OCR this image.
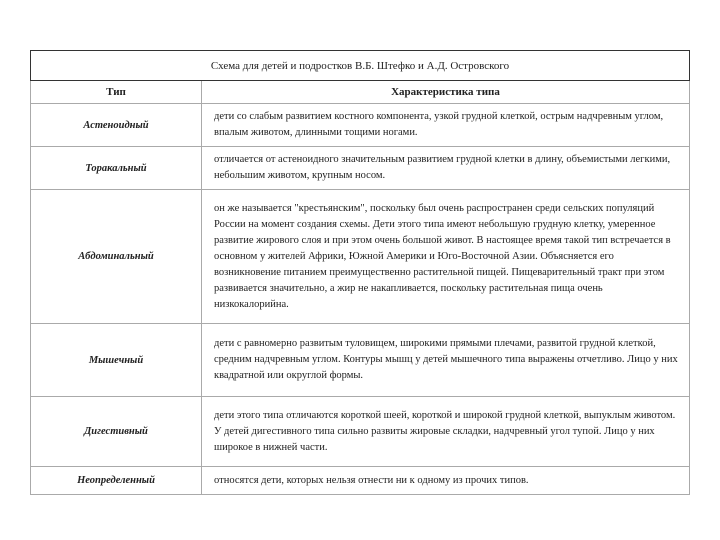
Схема для детей и подростков В.Б. Штефко и А.Д. Островского	
Тип	Характеристика типа
Астеноидный	дети со слабым развитием костного компонента, узкой грудной клеткой, острым надчревным углом, впалым животом, длинными тощими ногами.
Торакальный	отличается от астеноидного значительным развитием грудной клетки в длину, объемистыми легкими, небольшим животом, крупным носом.
Абдоминальный	он же называется "крестьянским", поскольку был очень распространен среди сельских популяций России на момент создания схемы. Дети этого типа имеют небольшую грудную клетку, умеренное развитие жирового слоя и при этом очень большой живот. В настоящее время такой тип встречается в основном у жителей Африки, Южной Америки и Юго-Восточной Азии. Объясняется его возникновение питанием преимущественно растительной пищей. Пищеварительный тракт при этом развивается значительно, а жир не накапливается, поскольку растительная пища очень низкокалорийна.
Мышечный	дети с равномерно развитым туловищем, широкими прямыми плечами, развитой грудной клеткой, средним надчревным углом. Контуры мышц у детей мышечного типа выражены отчетливо. Лицо у них квадратной или округлой формы.
Дигестивный	дети этого типа отличаются короткой шеей, короткой и широкой грудной клеткой, выпуклым животом. У детей дигестивного типа сильно развиты жировые складки, надчревный угол тупой. Лицо у них широкое в нижней части.
Неопределенный	относятся дети, которых нельзя отнести ни к одному из прочих типов.
